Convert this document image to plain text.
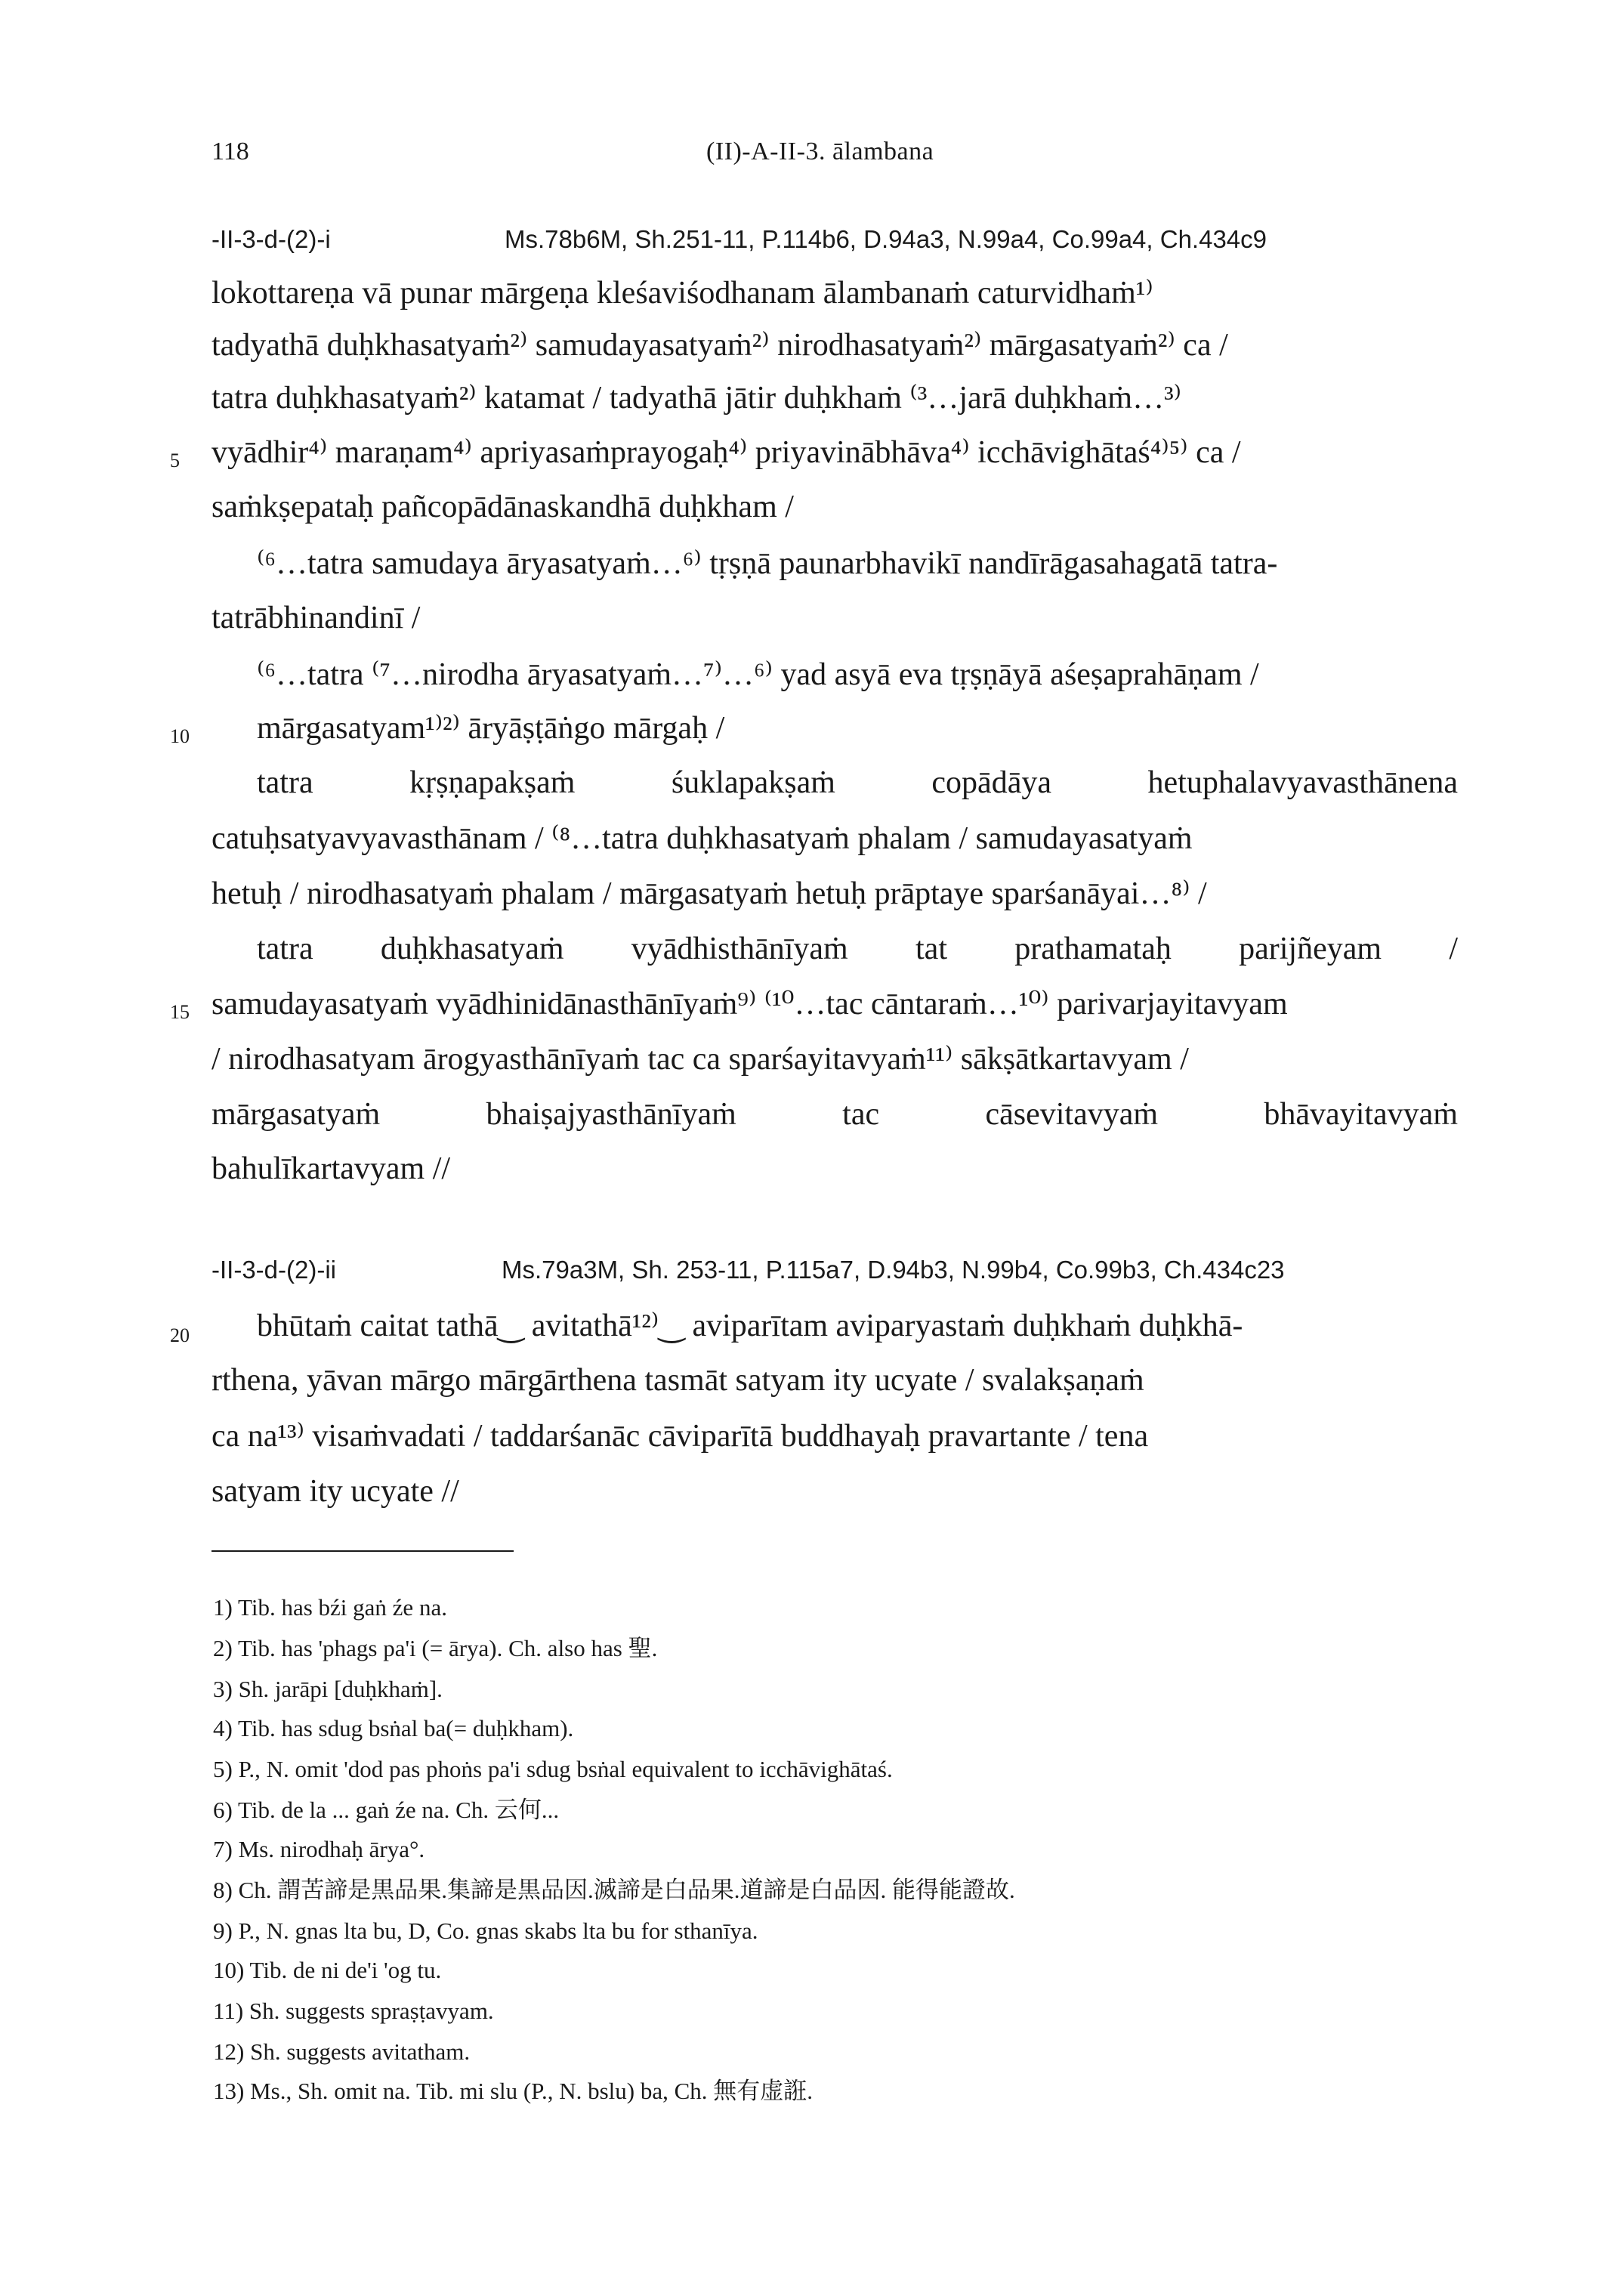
118	(II)-A-II-3. ālambana
-II-3-d-(2)-i	Ms.78b6M, Sh.251-11, P.114b6, D.94a3, N.99a4, Co.99a4, Ch.434c9
lokottareṇa vā punar mārgeṇa kleśaviśodhanam ālambanaṁ caturvidhaṁ¹⁾
tadyathā duḥkhasatyaṁ²⁾ samudayasatyaṁ²⁾ nirodhasatyaṁ²⁾ mārgasatyaṁ²⁾ ca /
tatra duḥkhasatyaṁ²⁾ katamat / tadyathā jātir duḥkhaṁ ⁽³…jarā duḥkhaṁ…³⁾
5 vyādhir⁴⁾ maraṇam⁴⁾ apriyasaṁprayogaḥ⁴⁾ priyavinābhāva⁴⁾ icchāvighātaś⁴⁾⁵⁾ ca /
saṁkṣepataḥ pañcopādānaskandhā duḥkham /
⁽⁶…tatra samudaya āryasatyaṁ…⁶⁾ tṛṣṇā paunarbhavikī nandīrāgasahagatā tatra-
tatrābhinandinī /
⁽⁶…tatra ⁽⁷…nirodha āryasatyaṁ…⁷⁾…⁶⁾ yad asyā eva tṛṣṇāyā aśeṣaprahāṇam /
10 mārgasatyam¹⁾²⁾ āryāṣṭāṅgo mārgaḥ /
tatra kṛṣṇapakṣaṁ śuklapakṣaṁ copādāya hetuphalavyavasthānena
catuḥsatyavyavasthānam / ⁽⁸…tatra duḥkhasatyaṁ phalam / samudayasatyaṁ
hetuḥ / nirodhasatyaṁ phalam / mārgasatyaṁ hetuḥ prāptaye sparśanāyai…⁸⁾ /
tatra duḥkhasatyaṁ vyādhisthānīyaṁ tat prathamataḥ parijñeyam /
15 samudayasatyaṁ vyādhinidānasthānīyaṁ⁹⁾ ⁽¹⁰…tac cāntaraṁ…¹⁰⁾ parivarjayitavyam
/ nirodhasatyam ārogyasthānīyaṁ tac ca sparśayitavyaṁ¹¹⁾ sākṣātkartavyam /
mārgasatyaṁ bhaiṣajyasthānīyaṁ tac cāsevitavyaṁ bhāvayitavyaṁ
bahulīkartavyam //
-II-3-d-(2)-ii	Ms.79a3M, Sh. 253-11, P.115a7, D.94b3, N.99b4, Co.99b3, Ch.434c23
20 bhūtaṁ caitat tathā‿ avitathā¹²⁾‿ aviparītam aviparyastaṁ duḥkhaṁ duḥkhā-
rthena, yāvan mārgo mārgārthena tasmāt satyam ity ucyate / svalakṣaṇaṁ
ca na¹³⁾ visaṁvadati / taddarśanāc cāviparītā buddhayaḥ pravartante / tena
satyam ity ucyate //
1) Tib. has bźi gaṅ źe na.
2) Tib. has 'phags pa'i (= ārya). Ch. also has 聖.
3) Sh. jarāpi [duḥkhaṁ].
4) Tib. has sdug bsṅal ba(= duḥkham).
5) P., N. omit 'dod pas phoṅs pa'i sdug bsṅal equivalent to icchāvighātaś.
6) Tib. de la ... gaṅ źe na. Ch. 云何...
7) Ms. nirodhaḥ ārya°.
8) Ch. 謂苦諦是黒品果.集諦是黒品因.滅諦是白品果.道諦是白品因. 能得能證故.
9) P., N. gnas lta bu, D, Co. gnas skabs lta bu for sthanīya.
10) Tib. de ni de'i 'og tu.
11) Sh. suggests spraṣṭavyam.
12) Sh. suggests avitatham.
13) Ms., Sh. omit na. Tib. mi slu (P., N. bslu) ba, Ch. 無有虚誑.
